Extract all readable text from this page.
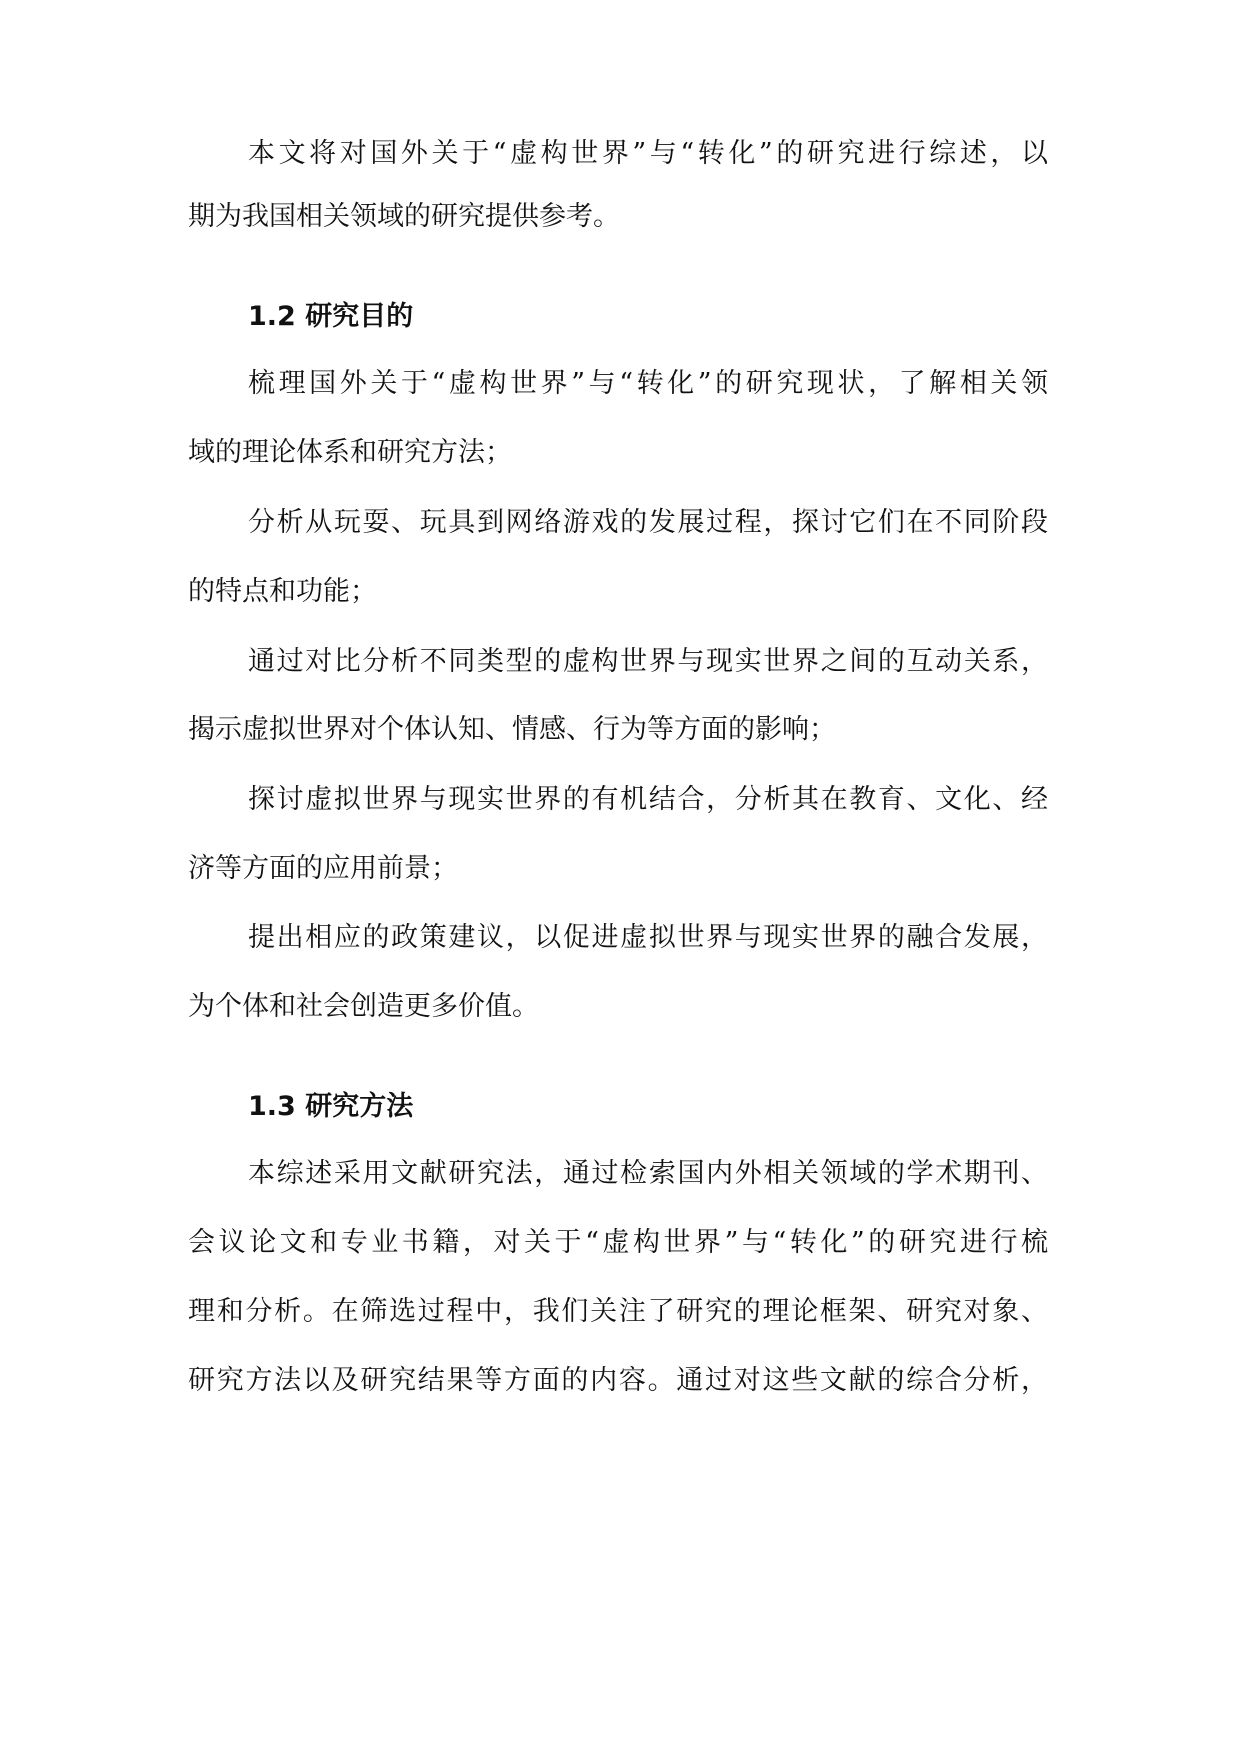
本文将对国外关于“虚构世界”与“转化”的研究进行综述，以
期为我国相关领域的研究提供参考。
1.2 研究目的
梳理国外关于“虚构世界”与“转化”的研究现状，了解相关领
域的理论体系和研究方法；
分析从玩耍、玩具到网络游戏的发展过程，探讨它们在不同阶段
的特点和功能；
通过对比分析不同类型的虚构世界与现实世界之间的互动关系，
揭示虚拟世界对个体认知、情感、行为等方面的影响；
探讨虚拟世界与现实世界的有机结合，分析其在教育、文化、经
济等方面的应用前景；
提出相应的政策建议，以促进虚拟世界与现实世界的融合发展，
为个体和社会创造更多价值。
1.3 研究方法
本综述采用文献研究法，通过检索国内外相关领域的学术期刊、
会议论文和专业书籍，对关于“虚构世界”与“转化”的研究进行梳
理和分析。在筛选过程中，我们关注了研究的理论框架、研究对象、
研究方法以及研究结果等方面的内容。通过对这些文献的综合分析，
